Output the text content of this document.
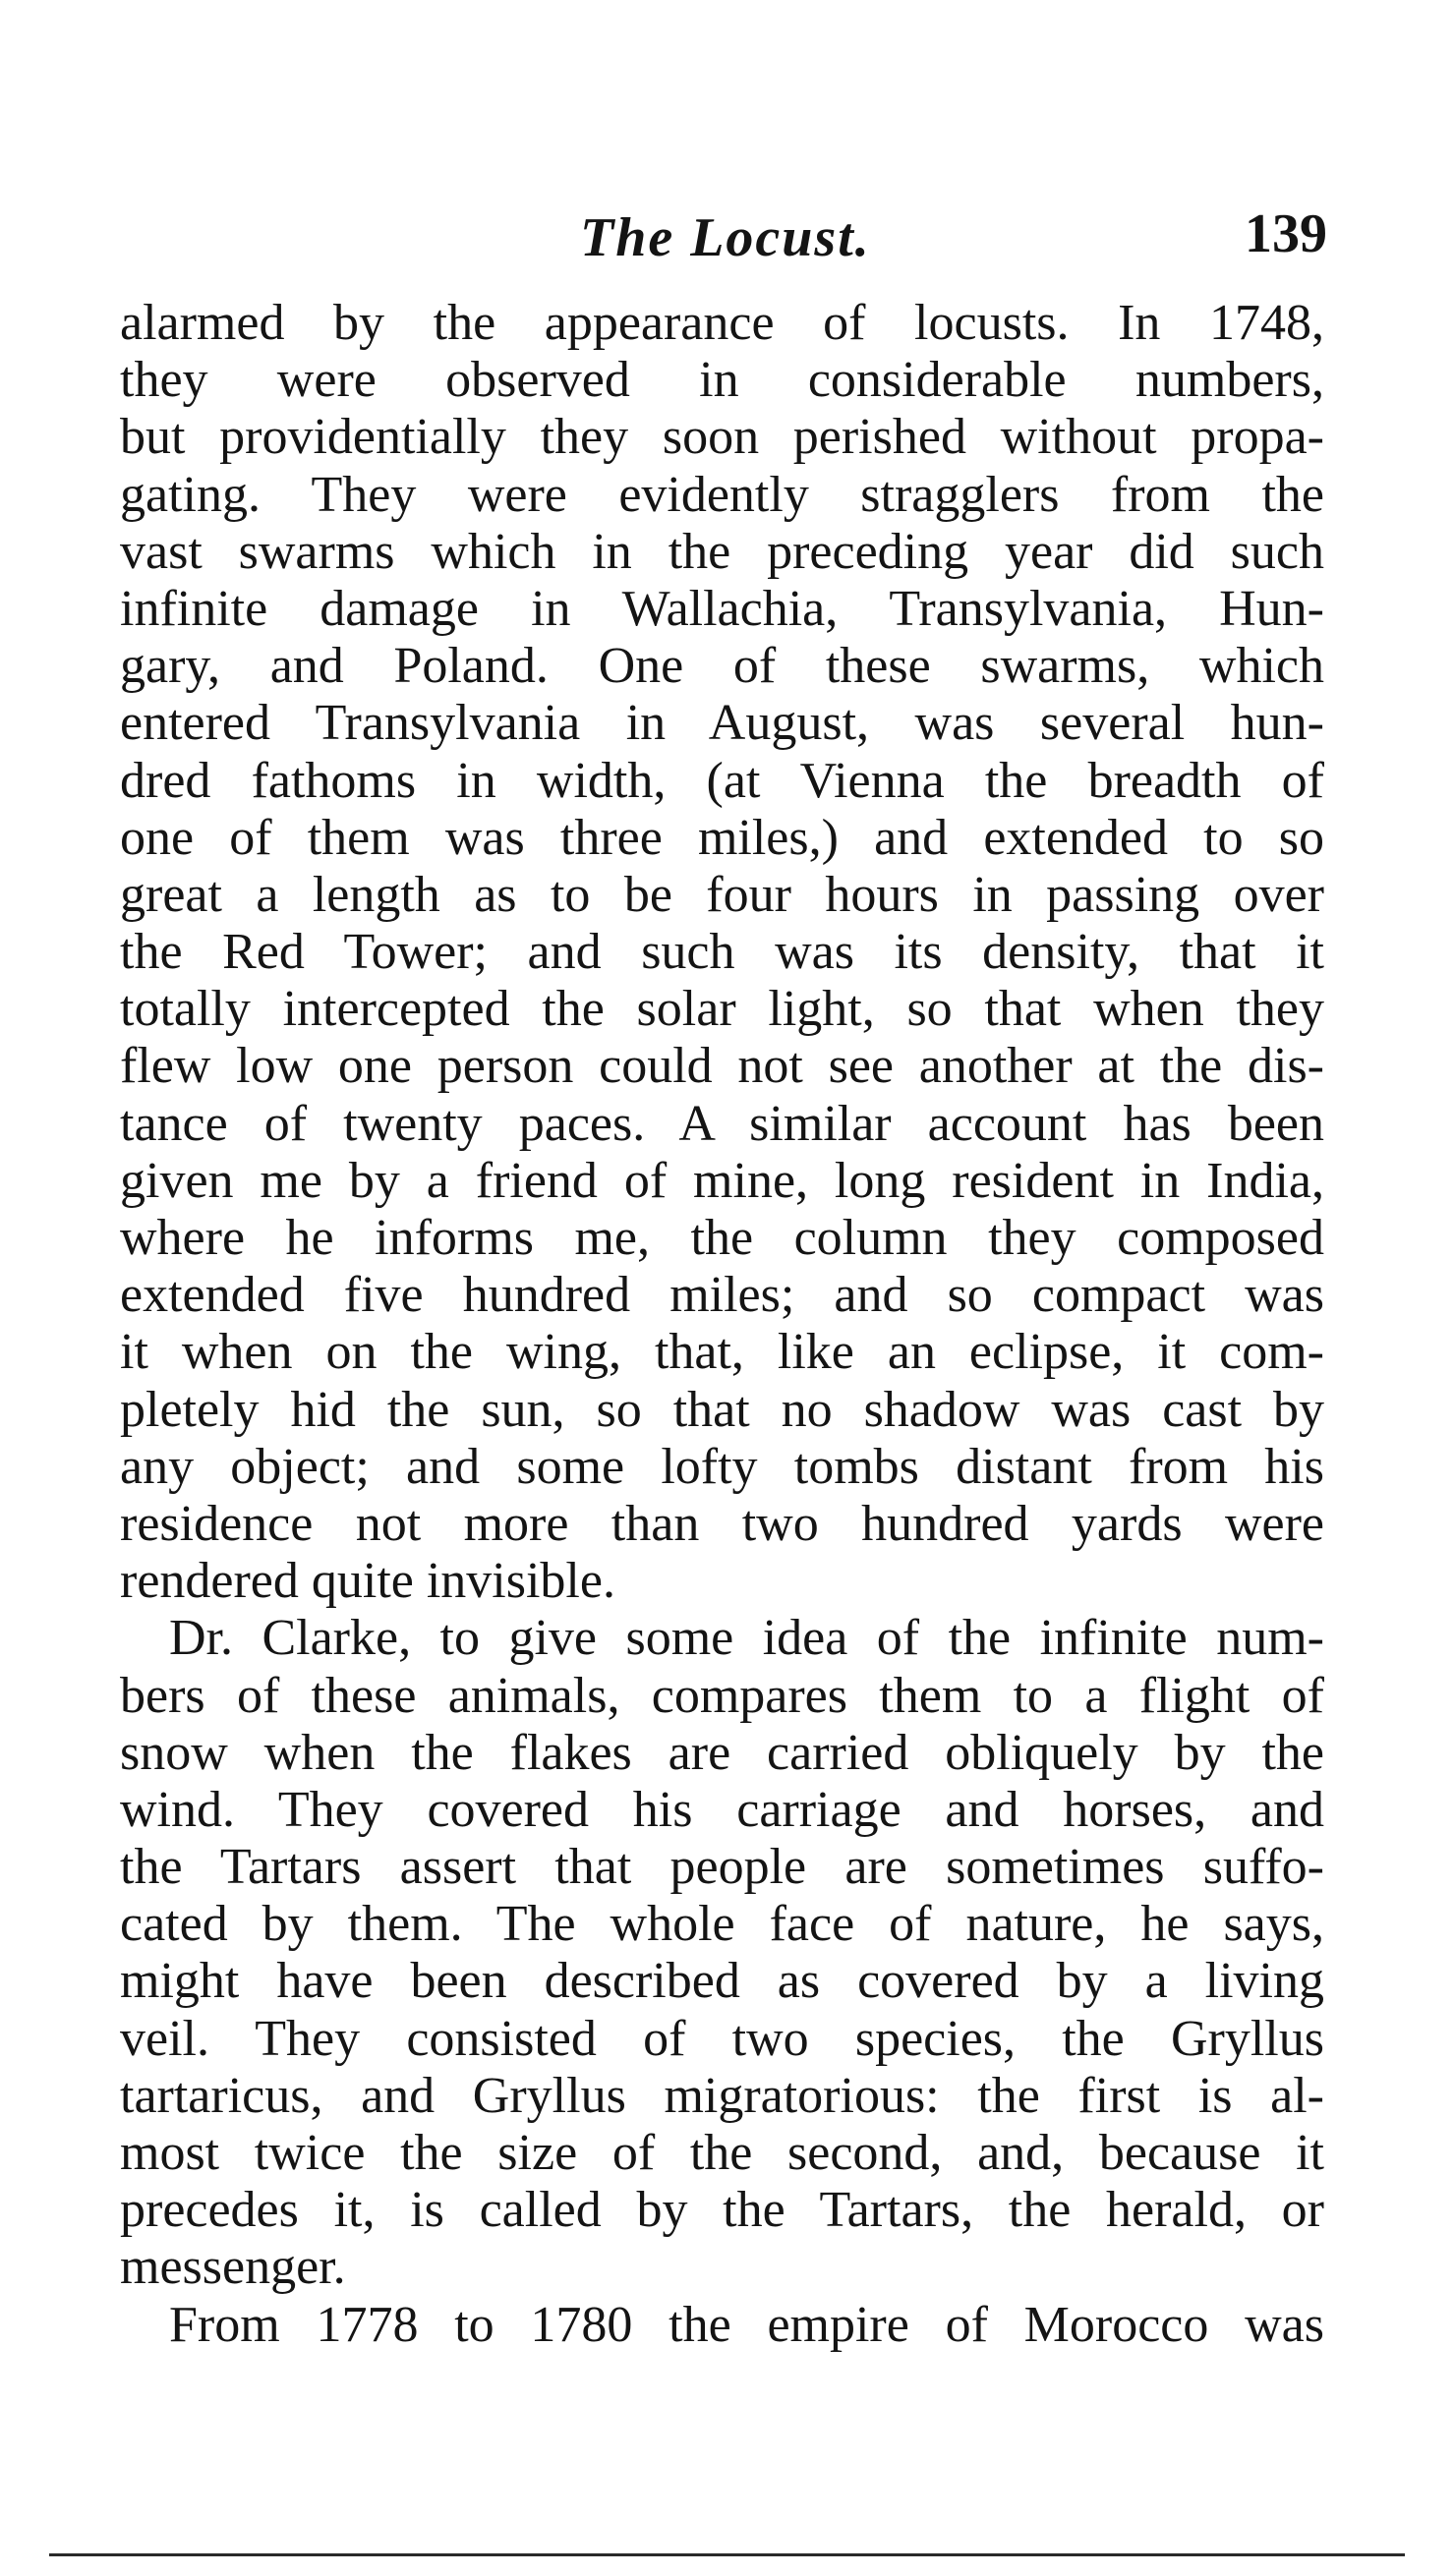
The Locust.	139
alarmed by the appearance of locusts. In 1748,
they were observed in considerable numbers,
but providentially they soon perished without propa-
gating. They were evidently stragglers from the
vast swarms which in the preceding year did such
infinite damage in Wallachia, Transylvania, Hun-
gary, and Poland. One of these swarms, which
entered Transylvania in August, was several hun-
dred fathoms in width, (at Vienna the breadth of
one of them was three miles,) and extended to so
great a length as to be four hours in passing over
the Red Tower; and such was its density, that it
totally intercepted the solar light, so that when they
flew low one person could not see another at the dis-
tance of twenty paces. A similar account has been
given me by a friend of mine, long resident in India,
where he informs me, the column they composed
extended five hundred miles; and so compact was
it when on the wing, that, like an eclipse, it com-
pletely hid the sun, so that no shadow was cast by
any object; and some lofty tombs distant from his
residence not more than two hundred yards were
rendered quite invisible.
Dr. Clarke, to give some idea of the infinite num-
bers of these animals, compares them to a flight of
snow when the flakes are carried obliquely by the
wind. They covered his carriage and horses, and
the Tartars assert that people are sometimes suffo-
cated by them. The whole face of nature, he says,
might have been described as covered by a living
veil. They consisted of two species, the Gryllus
tartaricus, and Gryllus migratorious: the first is al-
most twice the size of the second, and, because it
precedes it, is called by the Tartars, the herald, or
messenger.
From 1778 to 1780 the empire of Morocco was
